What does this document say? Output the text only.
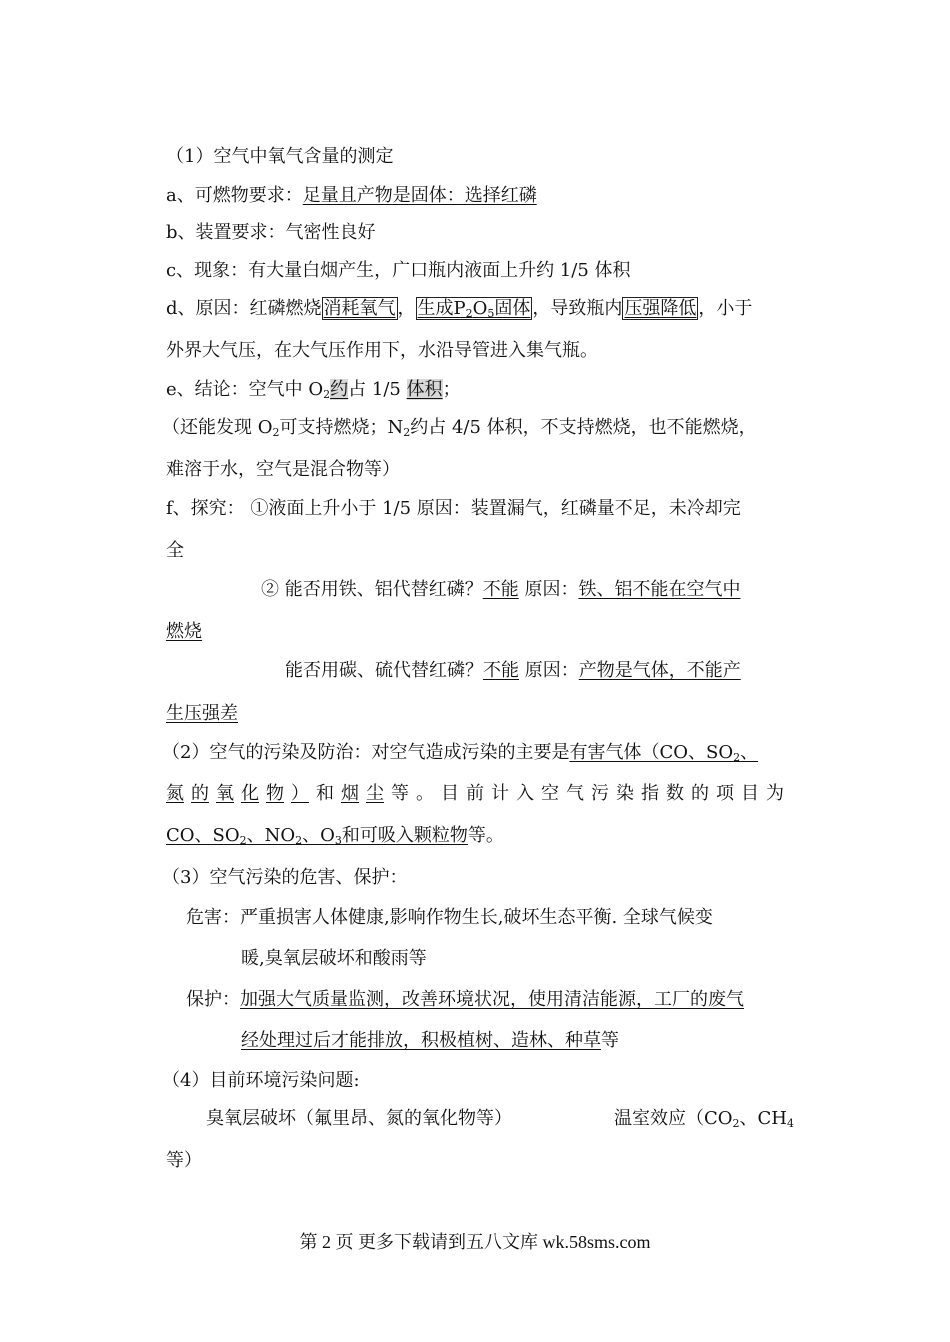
（1）空气中氧气含量的测定
a、可燃物要求：足量且产物是固体：选择红磷
b、装置要求：气密性良好
c、现象：有大量白烟产生，广口瓶内液面上升约 1/5 体积
d、原因：红磷燃烧 消耗氧气 ， 生成$P_2O_5$固体 ，导致瓶内 压强降低 ，小于
外界大气压，在大气压作用下，水沿导管进入集气瓶。
e、结论：空气中 $O_2$约占 1/5 体积；
（还能发现 $O_2$可支持燃烧；$N_2$约占 4/5 体积，不支持燃烧，也不能燃烧，
难溶于水，空气是混合物等）
f、探究： ①液面上升小于 1/5 原因：装置漏气，红磷量不足，未冷却完
全
② 能否用铁、铝代替红磷？不能 原因：铁、铝不能在空气中
燃烧
能否用碳、硫代替红磷？不能 原因：产物是气体，不能产
生压强差
（2）空气的污染及防治：对空气造成污染的主要是有害气体（CO、$SO_2$、
氮 的 氧 化 物 ） 和 烟 尘 等 。 目 前 计 入 空 气 污 染 指 数 的 项 目 为
CO、$SO_2$、$NO_2$、$O_3$和可吸入颗粒物等。
（3）空气污染的危害、保护：
危害：严重损害人体健康,影响作物生长,破坏生态平衡. 全球气候变
暖,臭氧层破坏和酸雨等
保护：加强大气质量监测，改善环境状况，使用清洁能源，工厂的废气
经处理过后才能排放，积极植树、造林、种草等
（4）目前环境污染问题:
臭氧层破坏（氟里昂、氮的氧化物等）	温室效应（$CO_2$、$CH_4$
等）
第 2 页 更多下载请到五八文库 wk.58sms.com
